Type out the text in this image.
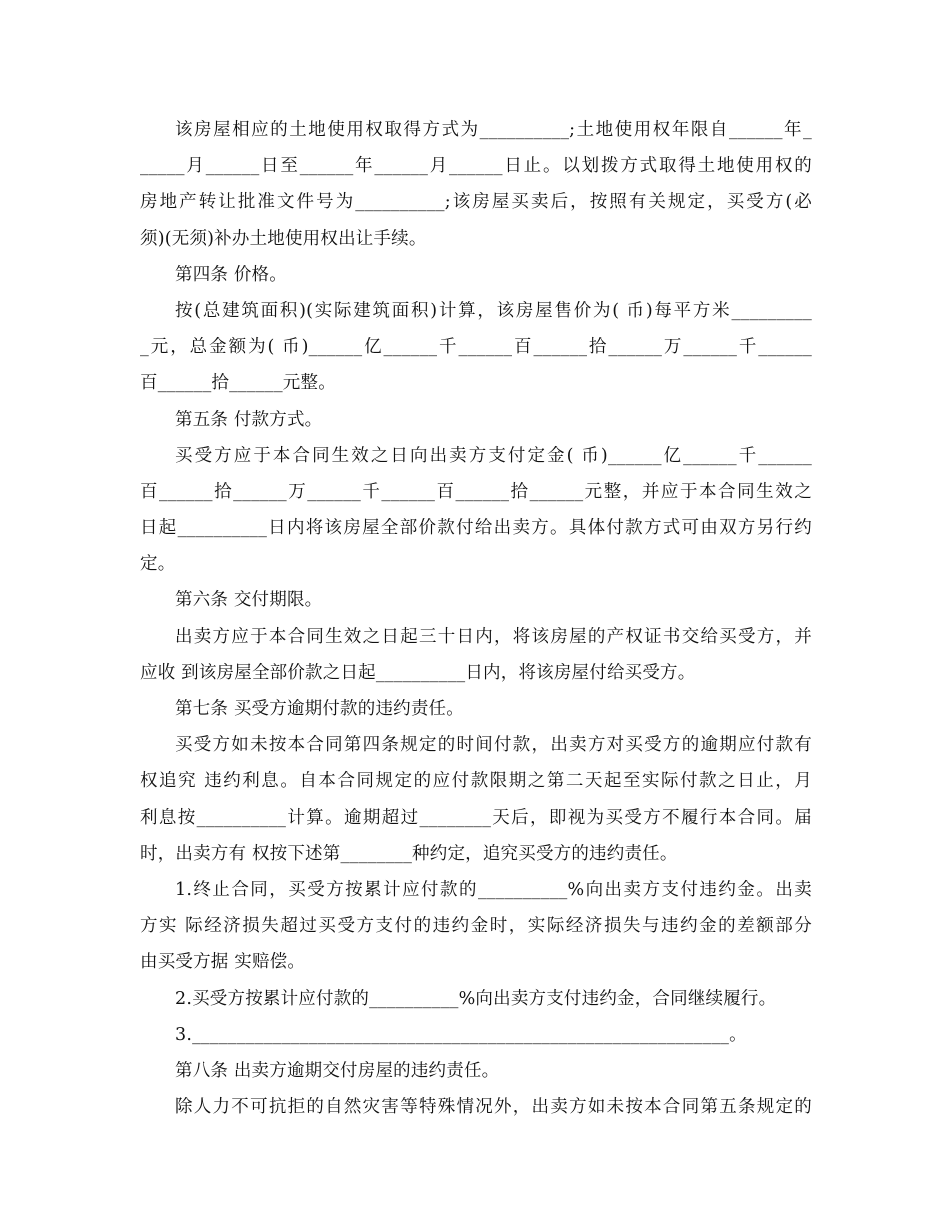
该房屋相应的土地使用权取得方式为__________;土地使用权年限自______年_
_____月______日至______年______月______日止。以划拨方式取得土地使用权的
房地产转让批准文件号为__________;该房屋买卖后，按照有关规定，买受方(必
须)(无须)补办土地使用权出让手续。
第四条 价格。
按(总建筑面积)(实际建筑面积)计算，该房屋售价为( 币)每平方米_________
_元，总金额为( 币)______亿______千______百______拾______万______千______
百______拾______元整。
第五条 付款方式。
买受方应于本合同生效之日向出卖方支付定金( 币)______亿______千______
百______拾______万______千______百______拾______元整，并应于本合同生效之
日起__________日内将该房屋全部价款付给出卖方。具体付款方式可由双方另行约
定。
第六条 交付期限。
出卖方应于本合同生效之日起三十日内，将该房屋的产权证书交给买受方，并
应收 到该房屋全部价款之日起__________日内，将该房屋付给买受方。
第七条 买受方逾期付款的违约责任。
买受方如未按本合同第四条规定的时间付款，出卖方对买受方的逾期应付款有
权追究 违约利息。自本合同规定的应付款限期之第二天起至实际付款之日止，月
利息按__________计算。逾期超过________天后，即视为买受方不履行本合同。届
时，出卖方有 权按下述第________种约定，追究买受方的违约责任。
1.终止合同，买受方按累计应付款的__________%向出卖方支付违约金。出卖
方实 际经济损失超过买受方支付的违约金时，实际经济损失与违约金的差额部分
由买受方据 实赔偿。
2.买受方按累计应付款的__________%向出卖方支付违约金，合同继续履行。
3.____________________________________________________________。
第八条 出卖方逾期交付房屋的违约责任。
除人力不可抗拒的自然灾害等特殊情况外，出卖方如未按本合同第五条规定的
